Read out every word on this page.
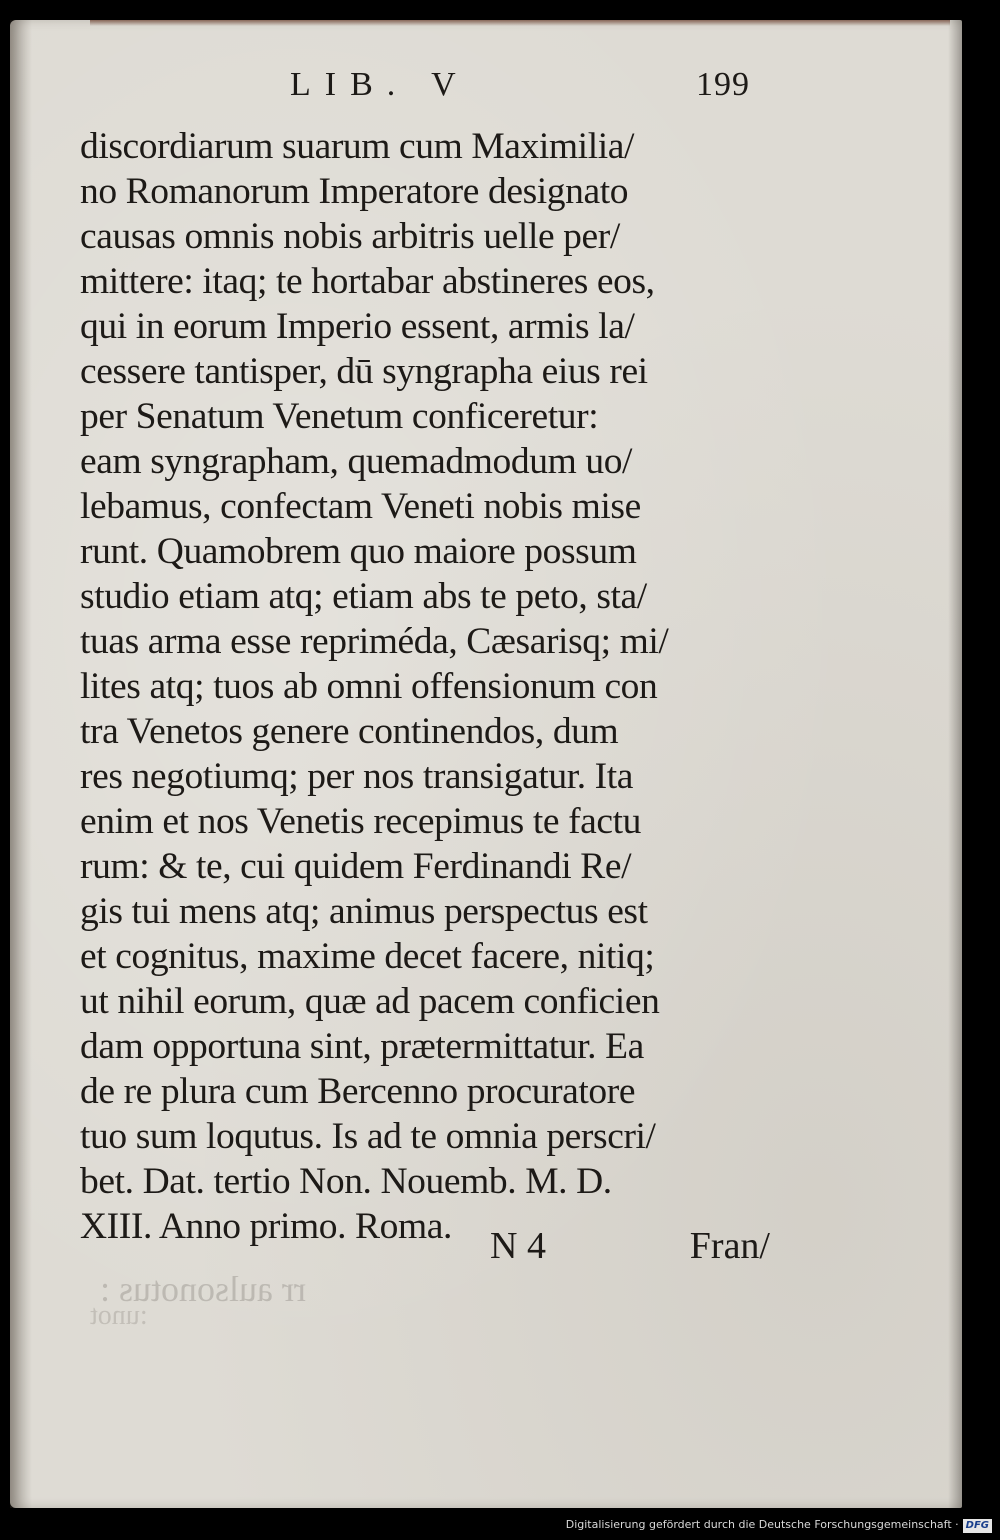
LIB. V	199
discordiarum suarum cum Maximilia/
no Romanorum Imperatore designato
causas omnis nobis arbitris uelle per/
mittere: itaq; te hortabar abstineres eos,
qui in eorum Imperio essent, armis la/
cessere tantisper, dū syngrapha eius rei
per Senatum Venetum conficeretur:
eam syngrapham, quemadmodum uo/
lebamus, confectam Veneti nobis mise
runt. Quamobrem quo maiore possum
studio etiam atq; etiam abs te peto, sta/
tuas arma esse repriméda, Cæsarisq; mi/
lites atq; tuos ab omni offensionum con
tra Venetos genere continendos, dum
res negotiumq; per nos transigatur. Ita
enim et nos Venetis recepimus te factu
rum: & te, cui quidem Ferdinandi Re/
gis tui mens atq; animus perspectus est
et cognitus, maxime decet facere, nitiq;
ut nihil eorum, quæ ad pacem conficien
dam opportuna sint, prætermittatur. Ea
de re plura cum Bercenno procuratore
tuo sum loqutus. Is ad te omnia perscri/
bet. Dat. tertio Non. Nouemb. M. D.
XIII. Anno primo. Roma. N 4	Fran/
rr aulsonotus :
:unot
Digitalisierung gefördert durch die Deutsche Forschungsgemeinschaft · DFG
